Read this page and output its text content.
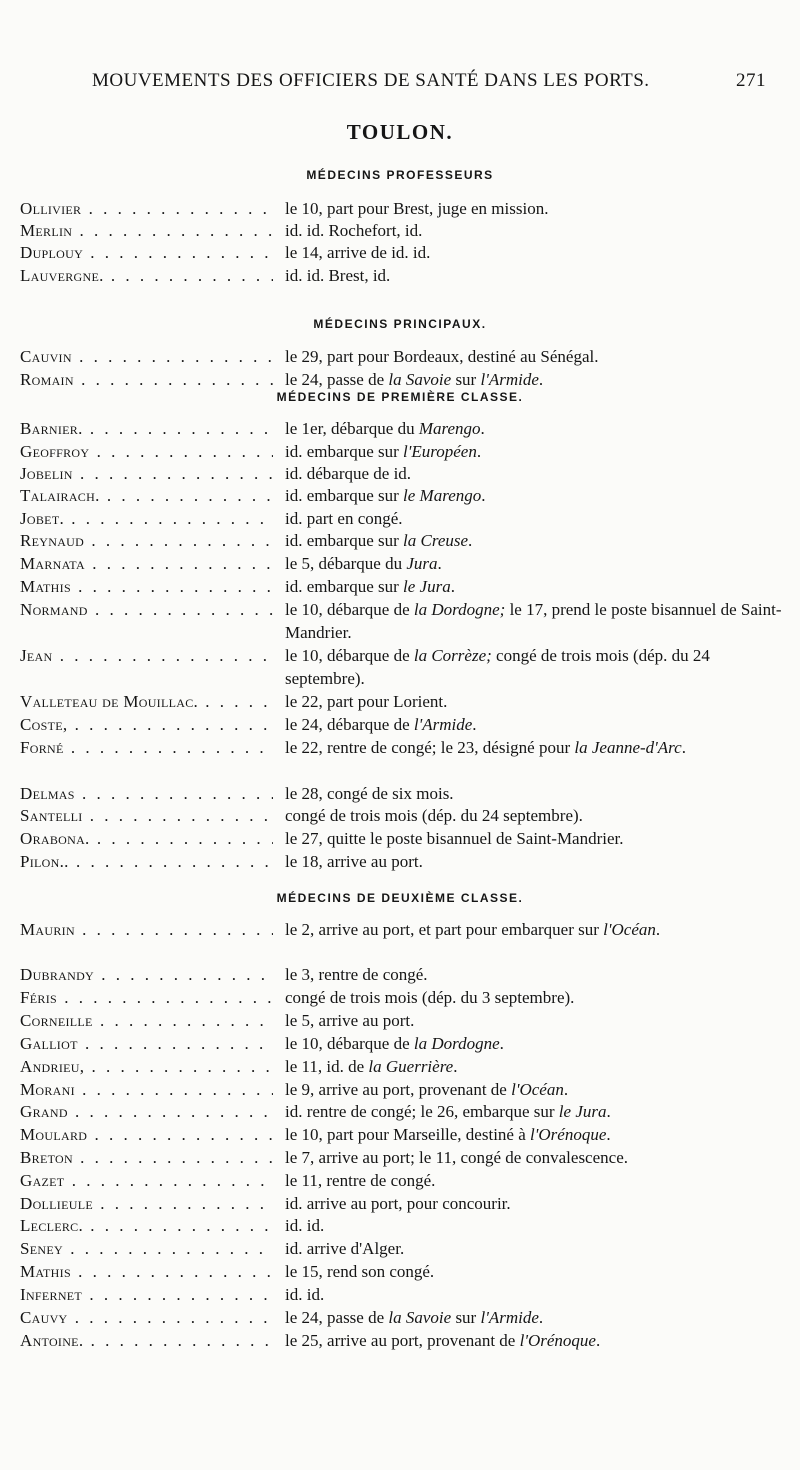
MOUVEMENTS DES OFFICIERS DE SANTÉ DANS LES PORTS.	271
TOULON.
MÉDECINS PROFESSEURS
Ollivier . . .	le 10, part pour Brest, juge en mission.
Merlin . . .	id. id. Rochefort, id.
Duplouy . . .	le 14, arrive de id. id.
Lauvergne. . . .	id. id. Brest, id.
MÉDECINS PRINCIPAUX.
Cauvin . . .	le 29, part pour Bordeaux, destiné au Sénégal.
Romain . . .	le 24, passe de la Savoie sur l'Armide.
MÉDECINS DE PREMIÈRE CLASSE.
Barnier. . . .	le 1er, débarque du Marengo.
Geoffroy . . .	id. embarque sur l'Européen.
Jobelin . . .	id. débarque de id.
Talairach. . . .	id. embarque sur le Marengo.
Jobet. . . .	id. part en congé.
Reynaud . . .	id. embarque sur la Creuse.
Marnata . . .	le 5, débarque du Jura.
Mathis . . .	id. embarque sur le Jura.
Normand . . .	le 10, débarque de la Dordogne; le 17, prend le poste bisannuel de Saint-Mandrier.
Jean . . .	le 10, débarque de la Corrèze; congé de trois mois (dép. du 24 septembre).
Valleteau de Mouillac. . . .	le 22, part pour Lorient.
Coste, . . .	le 24, débarque de l'Armide.
Forné . . .	le 22, rentre de congé; le 23, désigné pour la Jeanne-d'Arc.
Delmas . . .	le 28, congé de six mois.
Santelli . . .	congé de trois mois (dép. du 24 septembre).
Orabona. . . .	le 27, quitte le poste bisannuel de Saint-Mandrier.
Pilon.. . . .	le 18, arrive au port.
MÉDECINS DE DEUXIÈME CLASSE.
Maurin . . .	le 2, arrive au port, et part pour embarquer sur l'Océan.
Dubrandy . . .	le 3, rentre de congé.
Féris . . .	congé de trois mois (dép. du 3 septembre).
Corneille . . .	le 5, arrive au port.
Galliot . . .	le 10, débarque de la Dordogne.
Andrieu, . . .	le 11, id. de la Guerrière.
Morani . . .	le 9, arrive au port, provenant de l'Océan.
Grand . . .	id. rentre de congé; le 26, embarque sur le Jura.
Moulard . . .	le 10, part pour Marseille, destiné à l'Orénoque.
Breton . . .	le 7, arrive au port; le 11, congé de convalescence.
Gazet . . .	le 11, rentre de congé.
Dollieule . . .	id. arrive au port, pour concourir.
Leclerc. . . .	id. id.
Seney . . .	id. arrive d'Alger.
Mathis . . .	le 15, rend son congé.
Infernet . . .	id. id.
Cauvy . . .	le 24, passe de la Savoie sur l'Armide.
Antoine. . . .	le 25, arrive au port, provenant de l'Orénoque.
